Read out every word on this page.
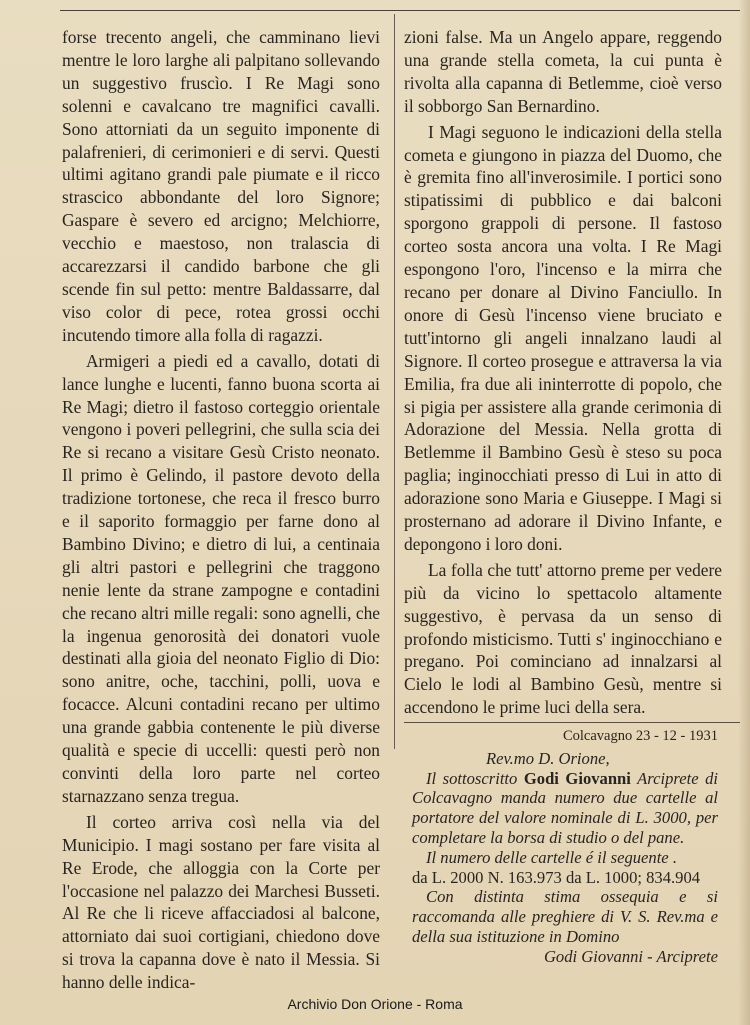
forse trecento angeli, che camminano lievi mentre le loro larghe ali palpitano sollevando un suggestivo fruscìo. I Re Magi sono solenni e cavalcano tre magnifici cavalli. Sono attorniati da un seguito imponente di palafrenieri, di cerimonieri e di servi. Questi ultimi agitano grandi pale piumate e il ricco strascico abbondante del loro Signore; Gaspare è severo ed arcigno; Melchiorre, vecchio e maestoso, non tralascia di accarezzarsi il candido barbone che gli scende fin sul petto: mentre Baldassarre, dal viso color di pece, rotea grossi occhi incutendo timore alla folla di ragazzi.

Armigeri a piedi ed a cavallo, dotati di lance lunghe e lucenti, fanno buona scorta ai Re Magi; dietro il fastoso corteggio orientale vengono i poveri pellegrini, che sulla scia dei Re si recano a visitare Gesù Cristo neonato. Il primo è Gelindo, il pastore devoto della tradizione tortonese, che reca il fresco burro e il saporito formaggio per farne dono al Bambino Divino; e dietro di lui, a centinaia gli altri pastori e pellegrini che traggono nenie lente da strane zampogne e contadini che recano altri mille regali: sono agnelli, che la ingenua genorosità dei donatori vuole destinati alla gioia del neonato Figlio di Dio: sono anitre, oche, tacchini, polli, uova e focacce. Alcuni contadini recano per ultimo una grande gabbia contenente le più diverse qualità e specie di uccelli: questi però non convinti della loro parte nel corteo starnazzano senza tregua.

Il corteo arriva così nella via del Municipio. I magi sostano per fare visita al Re Erode, che alloggia con la Corte per l'occasione nel palazzo dei Marchesi Busseti. Al Re che li riceve affacciadosi al balcone, attorniato dai suoi cortigiani, chiedono dove si trova la capanna dove è nato il Messia. Si hanno delle indica-

zioni false. Ma un Angelo appare, reggendo una grande stella cometa, la cui punta è rivolta alla capanna di Betlemme, cioè verso il sobborgo San Bernardino.

I Magi seguono le indicazioni della stella cometa e giungono in piazza del Duomo, che è gremita fino all'inverosimile. I portici sono stipatissimi di pubblico e dai balconi sporgono grappoli di persone. Il fastoso corteo sosta ancora una volta. I Re Magi espongono l'oro, l'incenso e la mirra che recano per donare al Divino Fanciullo. In onore di Gesù l'incenso viene bruciato e tutt'intorno gli angeli innalzano laudi al Signore. Il corteo prosegue e attraversa la via Emilia, fra due ali ininterrotte di popolo, che si pigia per assistere alla grande cerimonia di Adorazione del Messia. Nella grotta di Betlemme il Bambino Gesù è steso su poca paglia; inginocchiati presso di Lui in atto di adorazione sono Maria e Giuseppe. I Magi si prosternano ad adorare il Divino Infante, e depongono i loro doni.

La folla che tutt' attorno preme per vedere più da vicino lo spettacolo altamente suggestivo, è pervasa da un senso di profondo misticismo. Tutti s' inginocchiano e pregano. Poi cominciano ad innalzarsi al Cielo le lodi al Bambino Gesù, mentre si accendono le prime luci della sera.

Colcavagno 23 - 12 - 1931
Rev.mo D. Orione,
Il sottoscritto Godi Giovanni Arciprete di Colcavagno manda numero due cartelle al portatore del valore nominale di L. 3000, per completare la borsa di studio o del pane.
Il numero delle cartelle é il seguente .
da L. 2000 N. 163.973 da L. 1000; 834.904
Con distinta stima ossequia e si raccomanda alle preghiere di V. S. Rev.ma e della sua istituzione in Domino
Godi Giovanni - Arciprete
Archivio Don Orione - Roma
